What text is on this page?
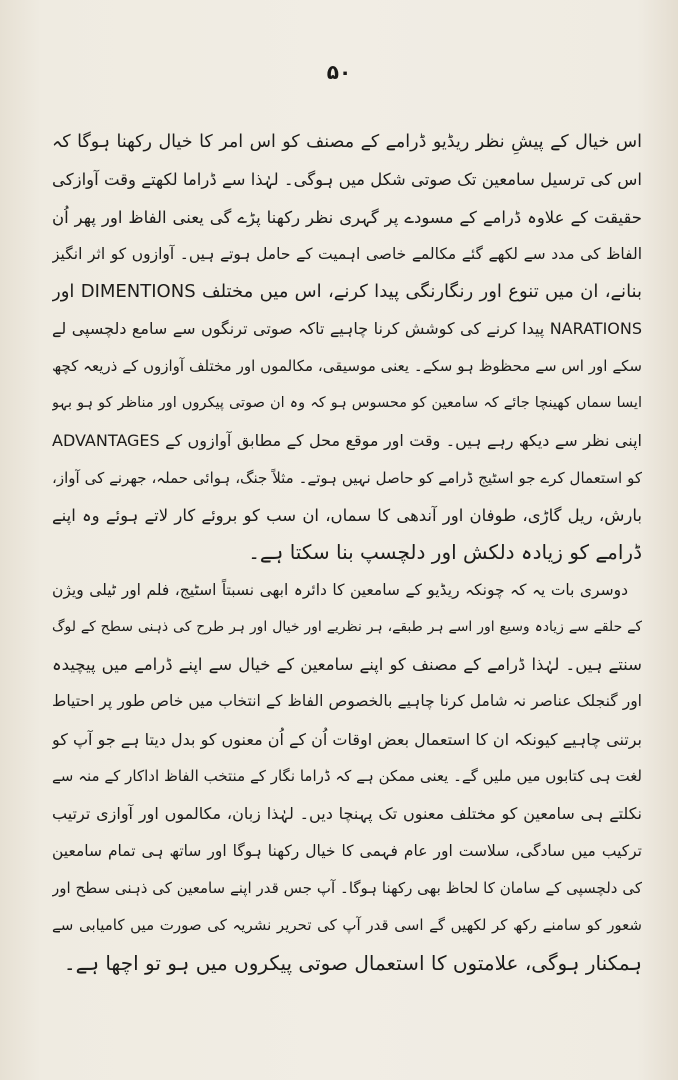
۵۰
اس خیال کے پیشِ نظر ریڈیو ڈرامے کے مصنف کو اس امر کا خیال رکھنا ہوگا کہ
اس کی ترسیل سامعین تک صوتی شکل میں ہوگی۔ لہٰذا سے ڈراما لکھتے وقت آوازکی
حقیقت کے علاوہ ڈرامے کے مسودے پر گہری نظر رکھنا پڑے گی یعنی الفاظ اور پھر اُن
الفاظ کی مدد سے لکھے گئے مکالمے خاصی اہمیت کے حامل ہوتے ہیں۔ آوازوں کو اثر انگیز
بنانے، ان میں تنوع اور رنگارنگی پیدا کرنے، اس میں مختلف DIMENTIONS اور
NARATIONS پیدا کرنے کی کوشش کرنا چاہیے تاکہ صوتی ترنگوں سے سامع دلچسپی لے
سکے اور اس سے محظوظ ہو سکے۔ یعنی موسیقی، مکالموں اور مختلف آوازوں کے ذریعہ کچھ
ایسا سماں کھینچا جائے کہ سامعین کو محسوس ہو کہ وہ ان صوتی پیکروں اور مناظر کو ہو بہو
اپنی نظر سے دیکھ رہے ہیں۔ وقت اور موقع محل کے مطابق آوازوں کے ADVANTAGES
کو استعمال کرے جو اسٹیج ڈرامے کو حاصل نہیں ہوتے۔ مثلاً جنگ، ہوائی حملہ، جھرنے کی آواز،
بارش، ریل گاڑی، طوفان اور آندھی کا سماں، ان سب کو بروئے کار لاتے ہوئے وہ اپنے
ڈرامے کو زیادہ دلکش اور دلچسپ بنا سکتا ہے۔
دوسری بات یہ کہ چونکہ ریڈیو کے سامعین کا دائرہ ابھی نسبتاً اسٹیج، فلم اور ٹیلی ویژن
کے حلقے سے زیادہ وسیع اور اسے ہر طبقے، ہر نظریے اور خیال اور ہر طرح کی ذہنی سطح کے لوگ
سنتے ہیں۔ لہٰذا ڈرامے کے مصنف کو اپنے سامعین کے خیال سے اپنے ڈرامے میں پیچیدہ
اور گنجلک عناصر نہ شامل کرنا چاہیے بالخصوص الفاظ کے انتخاب میں خاص طور پر احتیاط
برتنی چاہیے کیونکہ ان کا استعمال بعض اوقات اُن کے اُن معنوں کو بدل دیتا ہے جو آپ کو
لغت ہی کتابوں میں ملیں گے۔ یعنی ممکن ہے کہ ڈراما نگار کے منتخب الفاظ اداکار کے منہ سے
نکلتے ہی سامعین کو مختلف معنوں تک پہنچا دیں۔ لہٰذا زبان، مکالموں اور آوازی ترتیب
ترکیب میں سادگی، سلاست اور عام فہمی کا خیال رکھنا ہوگا اور ساتھ ہی تمام سامعین
کی دلچسپی کے سامان کا لحاظ بھی رکھنا ہوگا۔ آپ جس قدر اپنے سامعین کی ذہنی سطح اور
شعور کو سامنے رکھ کر لکھیں گے اسی قدر آپ کی تحریر نشریہ کی صورت میں کامیابی سے
ہمکنار ہوگی، علامتوں کا استعمال صوتی پیکروں میں ہو تو اچھا ہے۔
